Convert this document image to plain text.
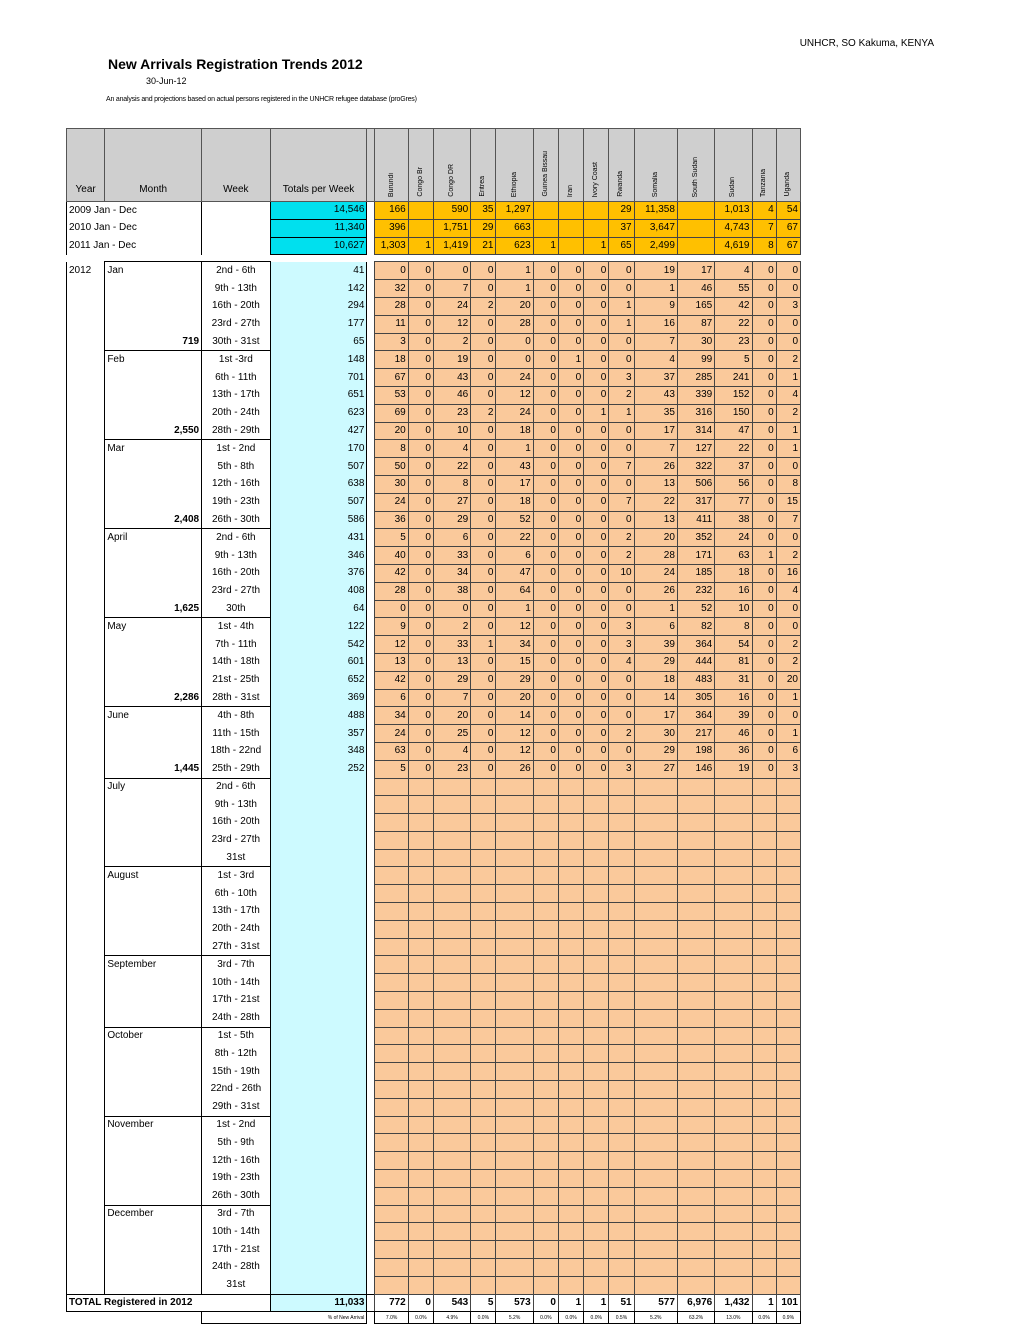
UNHCR, SO Kakuma, KENYA
New Arrivals Registration Trends 2012
30-Jun-12
An analysis and projections based on actual persons registered in the UNHCR refugee database (proGres)
Year	Month	Week	Totals per Week		Burundi	Congo Br	Congo DR	Eritrea	Ethiopia	Guinea Bissau	Iran	Ivory Coast	Rwanda	Somalia	South Sudan	Sudan	Tanzania	Uganda

2009 Jan - Dec			14,546		166		590	35	1,297				29	11,358		1,013	4	54
2010 Jan - Dec			11,340		396		1,751	29	663				37	3,647		4,743	7	67
2011 Jan - Dec			10,627		1,303	1	1,419	21	623	1		1	65	2,499		4,619	8	67

2012	Jan	2nd - 6th	41		0	0	0	0	1	0	0	0	0	19	17	4	0	0
		9th - 13th	142		32	0	7	0	1	0	0	0	0	1	46	55	0	0
		16th - 20th	294		28	0	24	2	20	0	0	0	1	9	165	42	0	3
		23rd - 27th	177		11	0	12	0	28	0	0	0	1	16	87	22	0	0
	719	30th - 31st	65		3	0	2	0	0	0	0	0	0	7	30	23	0	0
	Feb	1st -3rd	148		18	0	19	0	0	0	1	0	0	4	99	5	0	2
		6th - 11th	701		67	0	43	0	24	0	0	0	3	37	285	241	0	1
		13th - 17th	651		53	0	46	0	12	0	0	0	2	43	339	152	0	4
		20th - 24th	623		69	0	23	2	24	0	0	1	1	35	316	150	0	2
	2,550	28th - 29th	427		20	0	10	0	18	0	0	0	0	17	314	47	0	1
	Mar	1st - 2nd	170		8	0	4	0	1	0	0	0	0	7	127	22	0	1
		5th - 8th	507		50	0	22	0	43	0	0	0	7	26	322	37	0	0
		12th - 16th	638		30	0	8	0	17	0	0	0	0	13	506	56	0	8
		19th - 23th	507		24	0	27	0	18	0	0	0	7	22	317	77	0	15
	2,408	26th - 30th	586		36	0	29	0	52	0	0	0	0	13	411	38	0	7
	April	2nd - 6th	431		5	0	6	0	22	0	0	0	2	20	352	24	0	0
		9th - 13th	346		40	0	33	0	6	0	0	0	2	28	171	63	1	2
		16th - 20th	376		42	0	34	0	47	0	0	0	10	24	185	18	0	16
		23rd - 27th	408		28	0	38	0	64	0	0	0	0	26	232	16	0	4
	1,625	30th	64		0	0	0	0	1	0	0	0	0	1	52	10	0	0
	May	1st - 4th	122		9	0	2	0	12	0	0	0	3	6	82	8	0	0
		7th - 11th	542		12	0	33	1	34	0	0	0	3	39	364	54	0	2
		14th - 18th	601		13	0	13	0	15	0	0	0	4	29	444	81	0	2
		21st - 25th	652		42	0	29	0	29	0	0	0	0	18	483	31	0	20
	2,286	28th - 31st	369		6	0	7	0	20	0	0	0	0	14	305	16	0	1
	June	4th - 8th	488		34	0	20	0	14	0	0	0	0	17	364	39	0	0
		11th - 15th	357		24	0	25	0	12	0	0	0	2	30	217	46	0	1
		18th - 22nd	348		63	0	4	0	12	0	0	0	0	29	198	36	0	6
	1,445	25th - 29th	252		5	0	23	0	26	0	0	0	3	27	146	19	0	3
	July	2nd - 6th																
		9th - 13th																
		16th - 20th																
		23rd - 27th																
		31st																
	August	1st - 3rd																
		6th - 10th																
		13th - 17th																
		20th - 24th																
		27th - 31st																
	September	3rd - 7th																
		10th - 14th																
		17th - 21st																
		24th - 28th																
	October	1st - 5th																
		8th - 12th																
		15th - 19th																
		22nd - 26th																
		29th - 31st																
	November	1st - 2nd																
		5th - 9th																
		12th - 16th																
		19th - 23th																
		26th - 30th																
	December	3rd - 7th																
		10th - 14th																
		17th - 21st																
		24th - 28th																
		31st																
TOTAL Registered in 2012			11,033		772	0	543	5	573	0	1	1	51	577	6,976	1,432	1	101
		% of New Arrival			7.0%	0.0%	4.9%	0.0%	5.2%	0.0%	0.0%	0.0%	0.5%	5.2%	63.2%	13.0%	0.0%	0.9%
